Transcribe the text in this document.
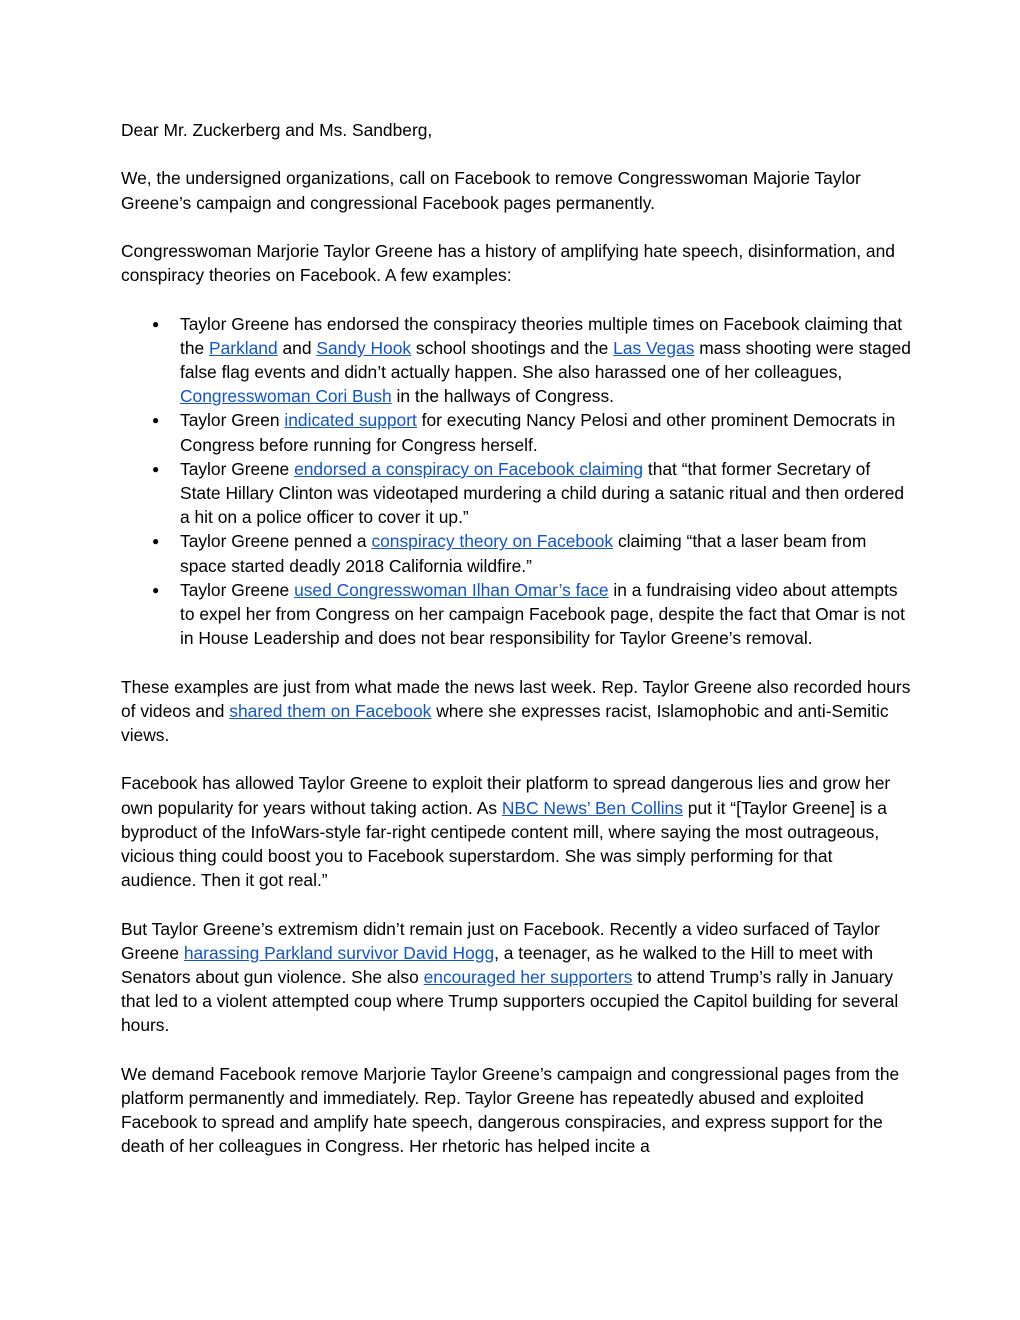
Dear Mr. Zuckerberg and Ms. Sandberg,

We, the undersigned organizations, call on Facebook to remove Congresswoman Majorie Taylor Greene’s campaign and congressional Facebook pages permanently.

Congresswoman Marjorie Taylor Greene has a history of amplifying hate speech, disinformation, and conspiracy theories on Facebook. A few examples:

● Taylor Greene has endorsed the conspiracy theories multiple times on Facebook claiming that the Parkland and Sandy Hook school shootings and the Las Vegas mass shooting were staged false flag events and didn’t actually happen. She also harassed one of her colleagues, Congresswoman Cori Bush in the hallways of Congress.
● Taylor Green indicated support for executing Nancy Pelosi and other prominent Democrats in Congress before running for Congress herself.
● Taylor Greene endorsed a conspiracy on Facebook claiming that “that former Secretary of State Hillary Clinton was videotaped murdering a child during a satanic ritual and then ordered a hit on a police officer to cover it up.”
● Taylor Greene penned a conspiracy theory on Facebook claiming “that a laser beam from space started deadly 2018 California wildfire.”
● Taylor Greene used Congresswoman Ilhan Omar’s face in a fundraising video about attempts to expel her from Congress on her campaign Facebook page, despite the fact that Omar is not in House Leadership and does not bear responsibility for Taylor Greene’s removal.

These examples are just from what made the news last week. Rep. Taylor Greene also recorded hours of videos and shared them on Facebook where she expresses racist, Islamophobic and anti-Semitic views.

Facebook has allowed Taylor Greene to exploit their platform to spread dangerous lies and grow her own popularity for years without taking action. As NBC News’ Ben Collins put it “[Taylor Greene] is a byproduct of the InfoWars-style far-right centipede content mill, where saying the most outrageous, vicious thing could boost you to Facebook superstardom. She was simply performing for that audience. Then it got real.”

But Taylor Greene’s extremism didn’t remain just on Facebook. Recently a video surfaced of Taylor Greene harassing Parkland survivor David Hogg, a teenager, as he walked to the Hill to meet with Senators about gun violence. She also encouraged her supporters to attend Trump’s rally in January that led to a violent attempted coup where Trump supporters occupied the Capitol building for several hours.

We demand Facebook remove Marjorie Taylor Greene’s campaign and congressional pages from the platform permanently and immediately. Rep. Taylor Greene has repeatedly abused and exploited Facebook to spread and amplify hate speech, dangerous conspiracies, and express support for the death of her colleagues in Congress. Her rhetoric has helped incite a
